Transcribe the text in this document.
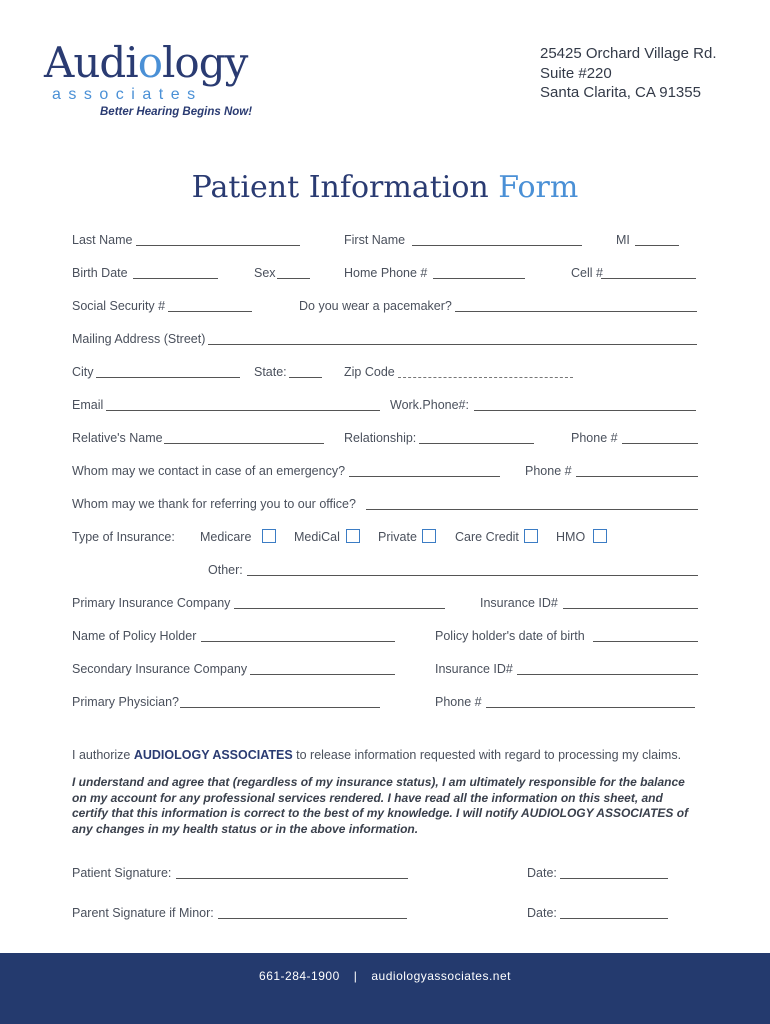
Audiology
associates
Better Hearing Begins Now!
25425 Orchard Village Rd.
Suite #220
Santa Clarita, CA 91355
Patient Information Form
Last Name	First Name	MI
Birth Date	Sex	Home Phone #	Cell #
Social Security #	Do you wear a pacemaker?
Mailing Address (Street)
City	State:	Zip Code
Email	Work.Phone#:
Relative's Name	Relationship:	Phone #
Whom may we contact in case of an emergency?	Phone #
Whom may we thank for referring you to our office?
Type of Insurance: Medicare	MediCal	Private	Care Credit	HMO
Other:
Primary Insurance Company	Insurance ID#
Name of Policy Holder	Policy holder's date of birth
Secondary Insurance Company	Insurance ID#
Primary Physician?	Phone #
I authorize AUDIOLOGY ASSOCIATES to release information requested with regard to processing my claims.
I understand and agree that (regardless of my insurance status), I am ultimately responsible for the balance on my account for any professional services rendered. I have read all the information on this sheet, and certify that this information is correct to the best of my knowledge. I will notify AUDIOLOGY ASSOCIATES of any changes in my health status or in the above information.
Patient Signature:	Date:
Parent Signature if Minor:	Date:
661-284-1900 | audiologyassociates.net
